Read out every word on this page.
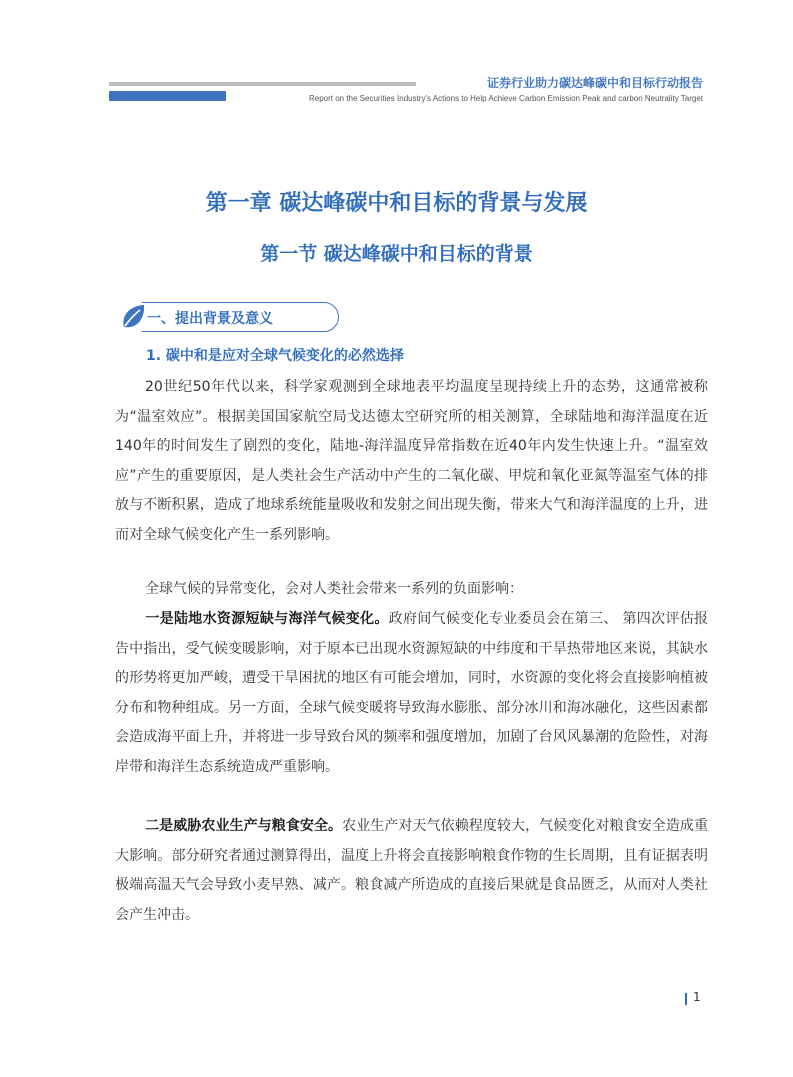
证券行业助力碳达峰碳中和目标行动报告
Report on the Securities Industry's Actions to Help Achieve Carbon Emission Peak and carbon Neutrality Target
第一章 碳达峰碳中和目标的背景与发展
第一节 碳达峰碳中和目标的背景
一、提出背景及意义
1. 碳中和是应对全球气候变化的必然选择

20世纪50年代以来，科学家观测到全球地表平均温度呈现持续上升的态势，这通常被称为“温室效应”。根据美国国家航空局戈达德太空研究所的相关测算，全球陆地和海洋温度在近140年的时间发生了剧烈的变化，陆地-海洋温度异常指数在近40年内发生快速上升。“温室效应”产生的重要原因，是人类社会生产活动中产生的二氧化碳、甲烷和氧化亚氮等温室气体的排放与不断积累，造成了地球系统能量吸收和发射之间出现失衡，带来大气和海洋温度的上升，进而对全球气候变化产生一系列影响。

全球气候的异常变化，会对人类社会带来一系列的负面影响：

一是陆地水资源短缺与海洋气候变化。政府间气候变化专业委员会在第三、 第四次评估报告中指出，受气候变暖影响，对于原本已出现水资源短缺的中纬度和干旱热带地区来说，其缺水的形势将更加严峻，遭受干旱困扰的地区有可能会增加，同时，水资源的变化将会直接影响植被分布和物种组成。另一方面，全球气候变暖将导致海水膨胀、部分冰川和海冰融化，这些因素都会造成海平面上升，并将进一步导致台风的频率和强度增加，加剧了台风风暴潮的危险性，对海岸带和海洋生态系统造成严重影响。

二是威胁农业生产与粮食安全。农业生产对天气依赖程度较大，气候变化对粮食安全造成重大影响。部分研究者通过测算得出，温度上升将会直接影响粮食作物的生长周期，且有证据表明极端高温天气会导致小麦早熟、减产。粮食减产所造成的直接后果就是食品匮乏，从而对人类社会产生冲击。

1
